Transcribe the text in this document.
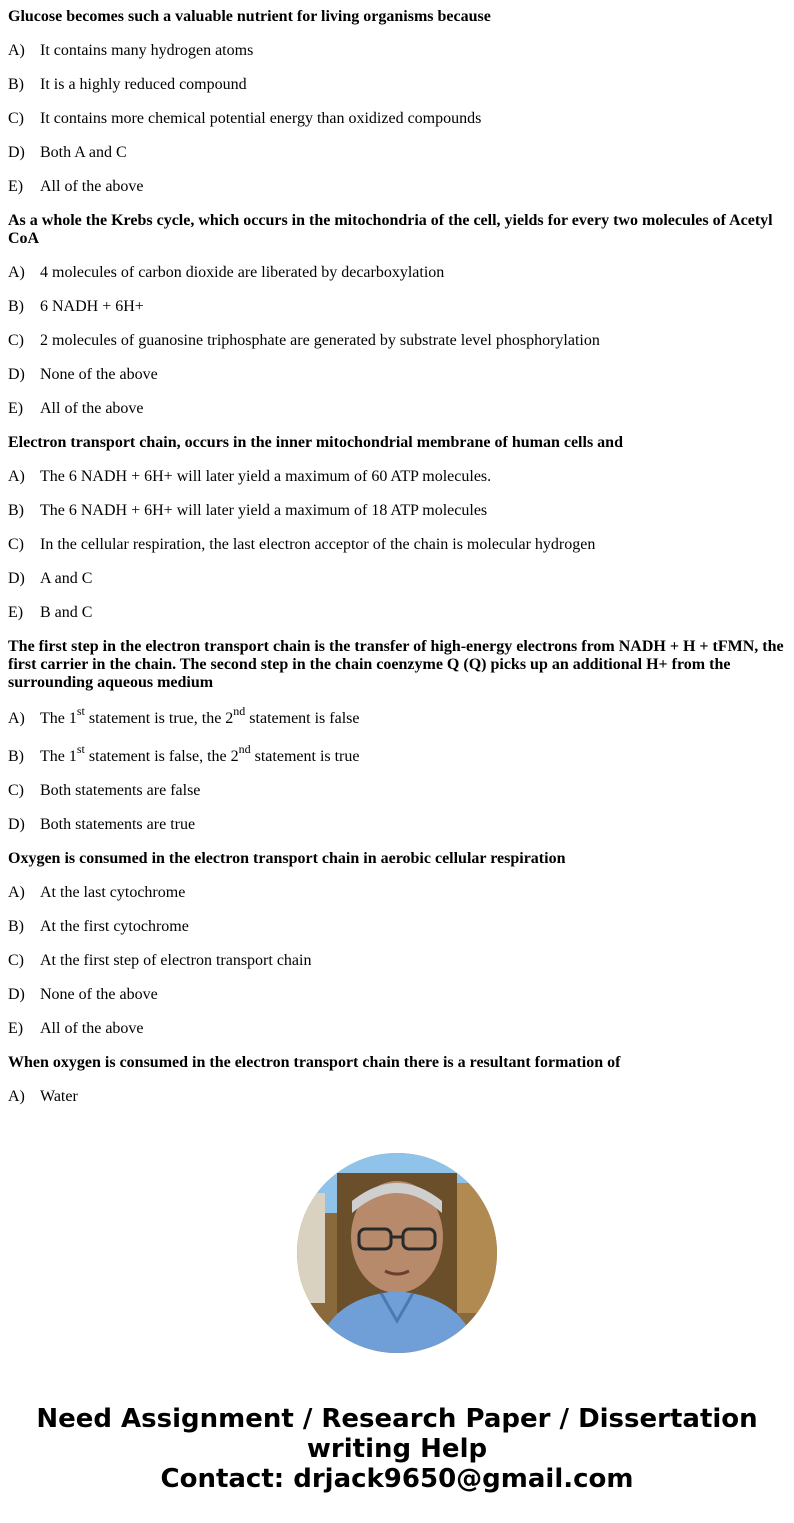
Glucose becomes such a valuable nutrient for living organisms because

A) It contains many hydrogen atoms

B) It is a highly reduced compound

C) It contains more chemical potential energy than oxidized compounds

D) Both A and C

E) All of the above

As a whole the Krebs cycle, which occurs in the mitochondria of the cell, yields for every two molecules of Acetyl CoA

A) 4 molecules of carbon dioxide are liberated by decarboxylation

B) 6 NADH + 6H+

C) 2 molecules of guanosine triphosphate are generated by substrate level phosphorylation

D) None of the above

E) All of the above

Electron transport chain, occurs in the inner mitochondrial membrane of human cells and

A) The 6 NADH + 6H+ will later yield a maximum of 60 ATP molecules.

B) The 6 NADH + 6H+ will later yield a maximum of 18 ATP molecules

C) In the cellular respiration, the last electron acceptor of the chain is molecular hydrogen

D) A and C

E) B and C

The first step in the electron transport chain is the transfer of high-energy electrons from NADH + H + tFMN, the first carrier in the chain. The second step in the chain coenzyme Q (Q) picks up an additional H+ from the surrounding aqueous medium

A) The 1st statement is true, the 2nd statement is false

B) The 1st statement is false, the 2nd statement is true

C) Both statements are false

D) Both statements are true

Oxygen is consumed in the electron transport chain in aerobic cellular respiration

A) At the last cytochrome

B) At the first cytochrome

C) At the first step of electron transport chain

D) None of the above

E) All of the above

When oxygen is consumed in the electron transport chain there is a resultant formation of

A) Water

Need Assignment / Research Paper / Dissertation
writing Help
Contact: drjack9650@gmail.com
